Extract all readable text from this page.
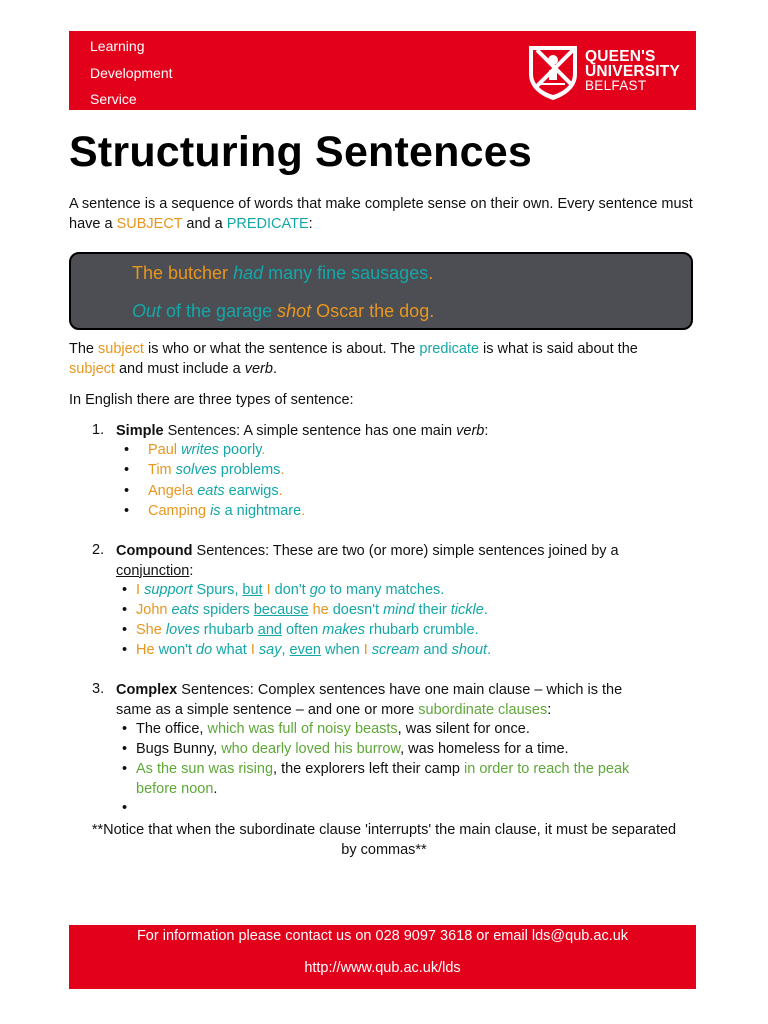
Learning
Development
Service
QUEEN'S
UNIVERSITY
BELFAST
Structuring Sentences

A sentence is a sequence of words that make complete sense on their own. Every sentence must have a SUBJECT and a PREDICATE:

The butcher had many fine sausages.
Out of the garage shot Oscar the dog.

The subject is who or what the sentence is about. The predicate is what is said about the
subject and must include a verb.

In English there are three types of sentence:

1. Simple Sentences: A simple sentence has one main verb:
• Paul writes poorly.
• Tim solves problems.
• Angela eats earwigs.
• Camping is a nightmare.
2. Compound Sentences: These are two (or more) simple sentences joined by a
conjunction:
• I support Spurs, but I don't go to many matches.
• John eats spiders because he doesn't mind their tickle.
• She loves rhubarb and often makes rhubarb crumble.
• He won't do what I say, even when I scream and shout.
3. Complex Sentences: Complex sentences have one main clause – which is the
same as a simple sentence – and one or more subordinate clauses:
• The office, which was full of noisy beasts, was silent for once.
• Bugs Bunny, who dearly loved his burrow, was homeless for a time.
• As the sun was rising, the explorers left their camp in order to reach the peak
before noon.

**Notice that when the subordinate clause 'interrupts' the main clause, it must be separated
by commas**

For information please contact us on 028 9097 3618 or email lds@qub.ac.uk
http://www.qub.ac.uk/lds
